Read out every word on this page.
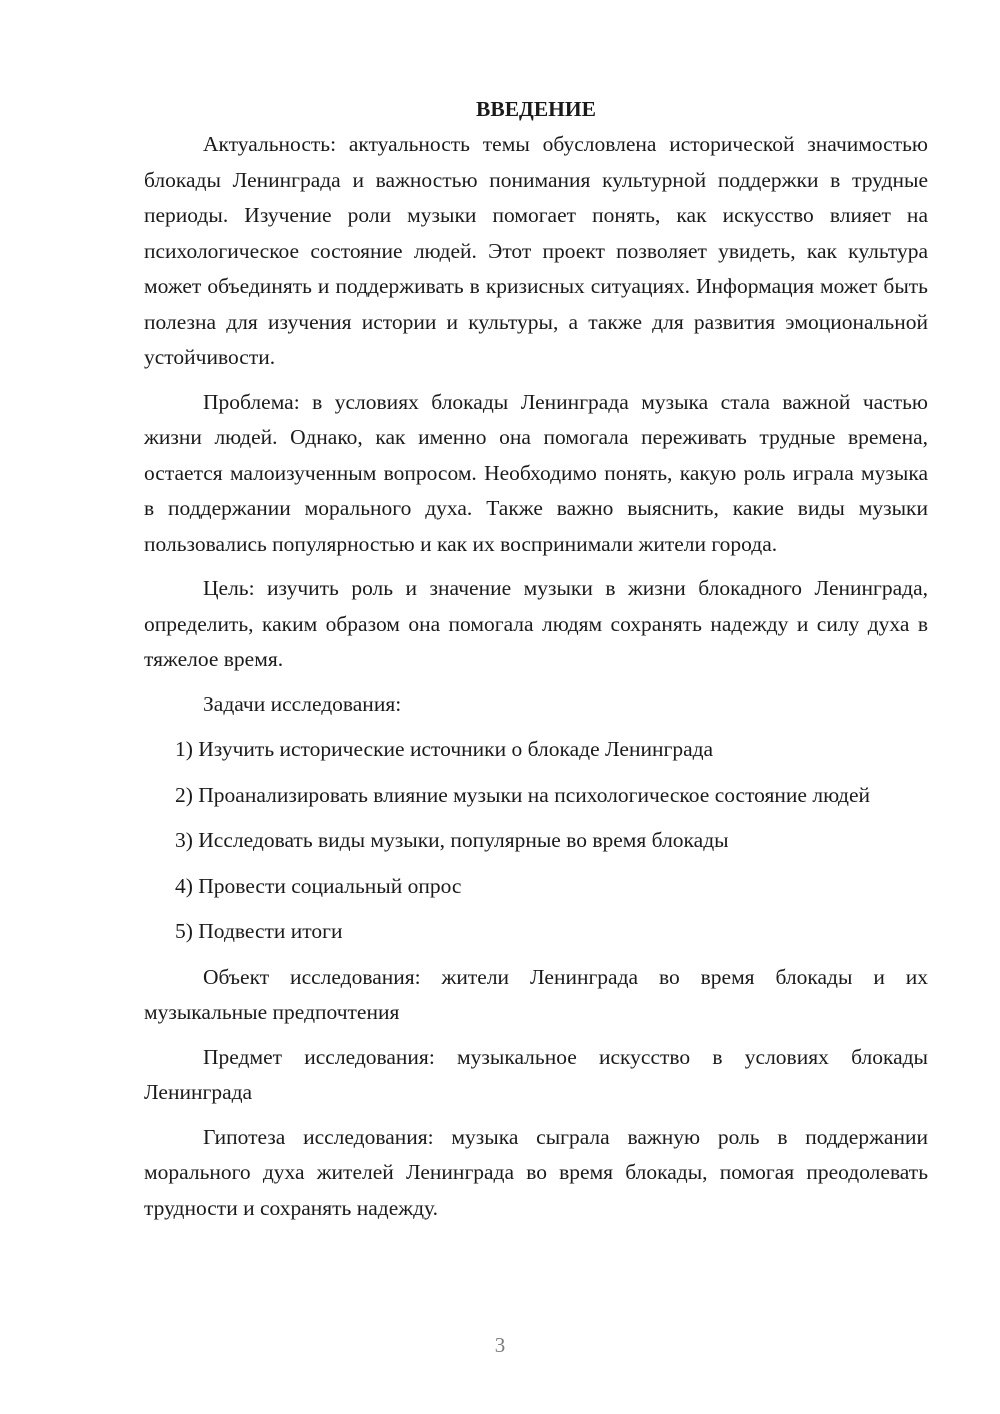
ВВЕДЕНИЕ

Актуальность: актуальность темы обусловлена исторической значимостью блокады Ленинграда и важностью понимания культурной поддержки в трудные периоды. Изучение роли музыки помогает понять, как искусство влияет на психологическое состояние людей. Этот проект позволяет увидеть, как культура может объединять и поддерживать в кризисных ситуациях. Информация может быть полезна для изучения истории и культуры, а также для развития эмоциональной устойчивости.

Проблема: в условиях блокады Ленинграда музыка стала важной частью жизни людей. Однако, как именно она помогала переживать трудные времена, остается малоизученным вопросом. Необходимо понять, какую роль играла музыка в поддержании морального духа. Также важно выяснить, какие виды музыки пользовались популярностью и как их воспринимали жители города.

Цель: изучить роль и значение музыки в жизни блокадного Ленинграда, определить, каким образом она помогала людям сохранять надежду и силу духа в тяжелое время.

Задачи исследования:

1) Изучить исторические источники о блокаде Ленинграда

2) Проанализировать влияние музыки на психологическое состояние людей

3) Исследовать виды музыки, популярные во время блокады

4) Провести социальный опрос

5) Подвести итоги

Объект исследования: жители Ленинграда во время блокады и их музыкальные предпочтения

Предмет исследования: музыкальное искусство в условиях блокады Ленинграда

Гипотеза исследования: музыка сыграла важную роль в поддержании морального духа жителей Ленинграда во время блокады, помогая преодолевать трудности и сохранять надежду.

3
